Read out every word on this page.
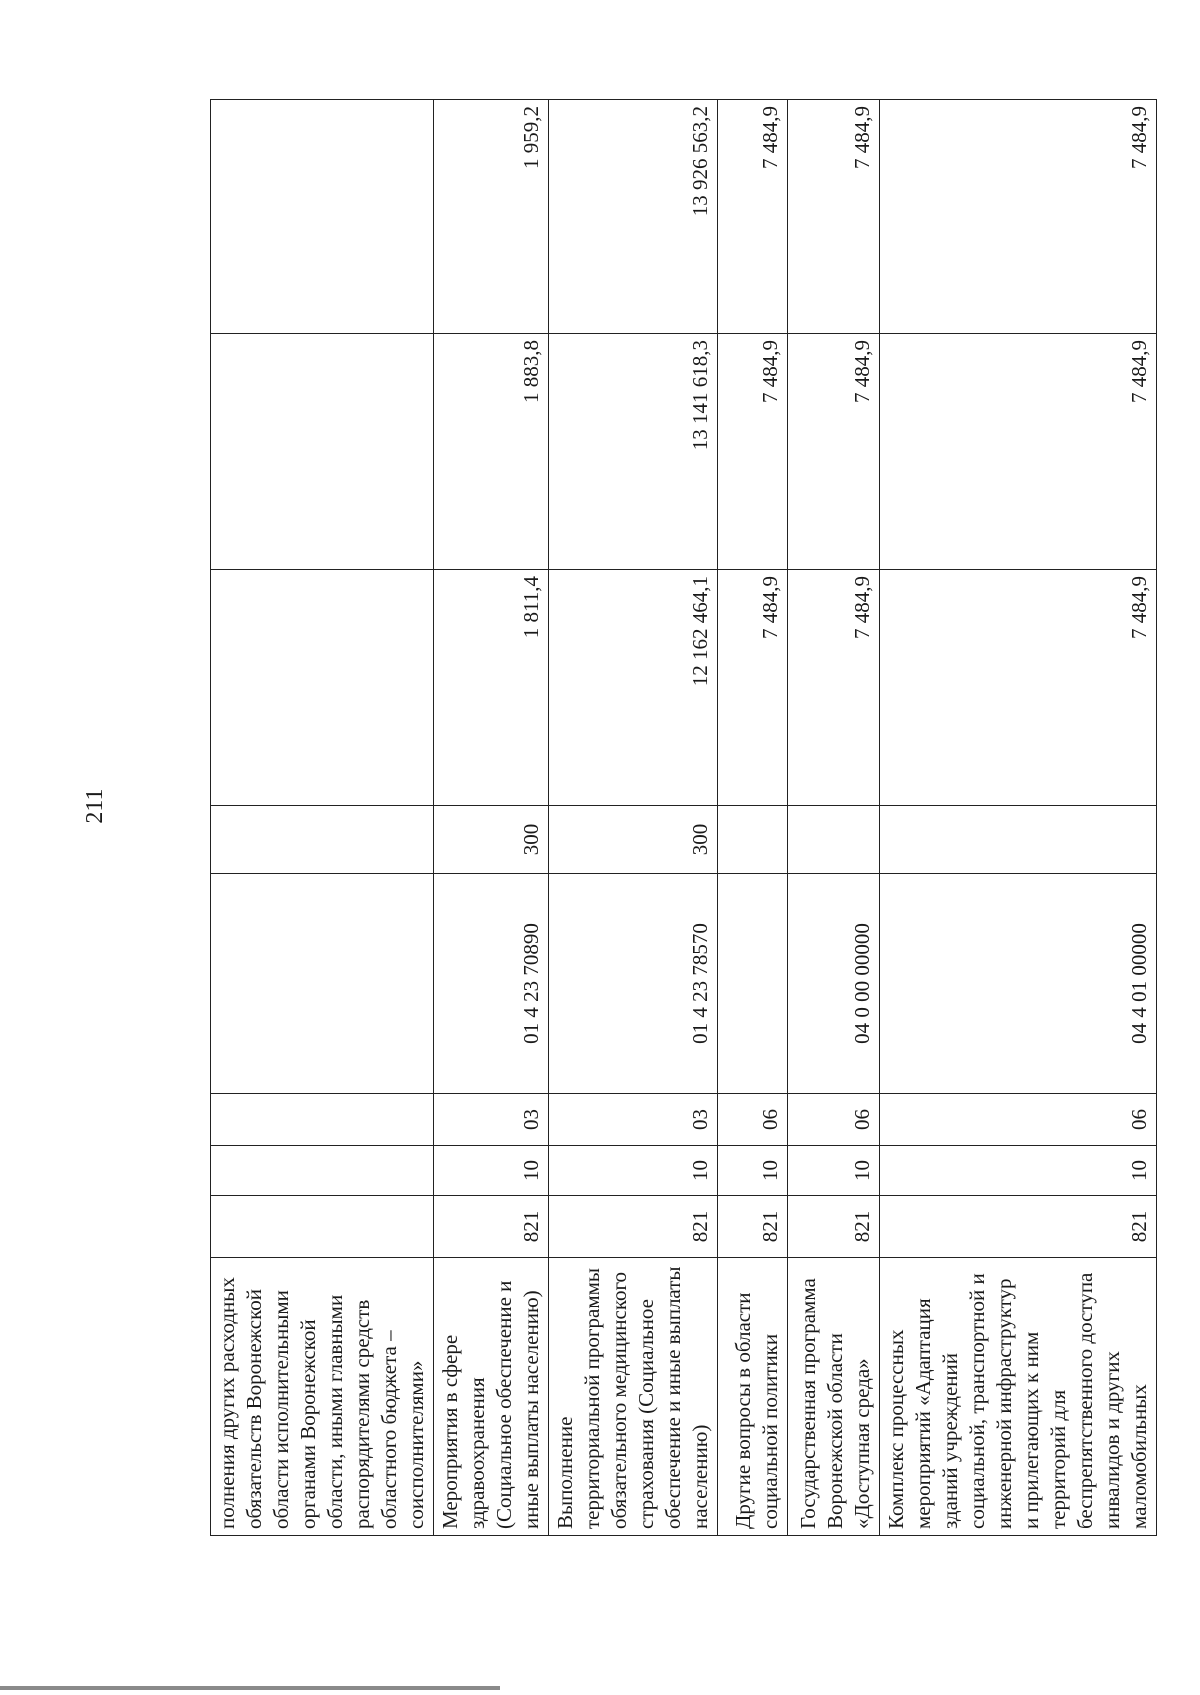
211
полнения других расходных обязательств Воронежской области исполнительными органами Воронежской области, иными главными распорядителями средств областного бюджета – соисполнителями»								
Мероприятия в сфере здравоохранения (Социальное обеспечение и иные выплаты населению)	821	10	03	01 4 23 70890	300	1 811,4	1 883,8	1 959,2
Выполнение территориальной программы обязательного медицинского страхования (Социальное обеспечение и иные выплаты населению)	821	10	03	01 4 23 78570	300	12 162 464,1	13 141 618,3	13 926 563,2
Другие вопросы в области социальной политики	821	10	06			7 484,9	7 484,9	7 484,9
Государственная программа Воронежской области «Доступная среда»	821	10	06	04 0 00 00000		7 484,9	7 484,9	7 484,9
Комплекс процессных мероприятий «Адаптация зданий учреждений социальной, транспортной и инженерной инфраструктур и прилегающих к ним территорий для беспрепятственного доступа инвалидов и других маломобильных	821	10	06	04 4 01 00000		7 484,9	7 484,9	7 484,9
